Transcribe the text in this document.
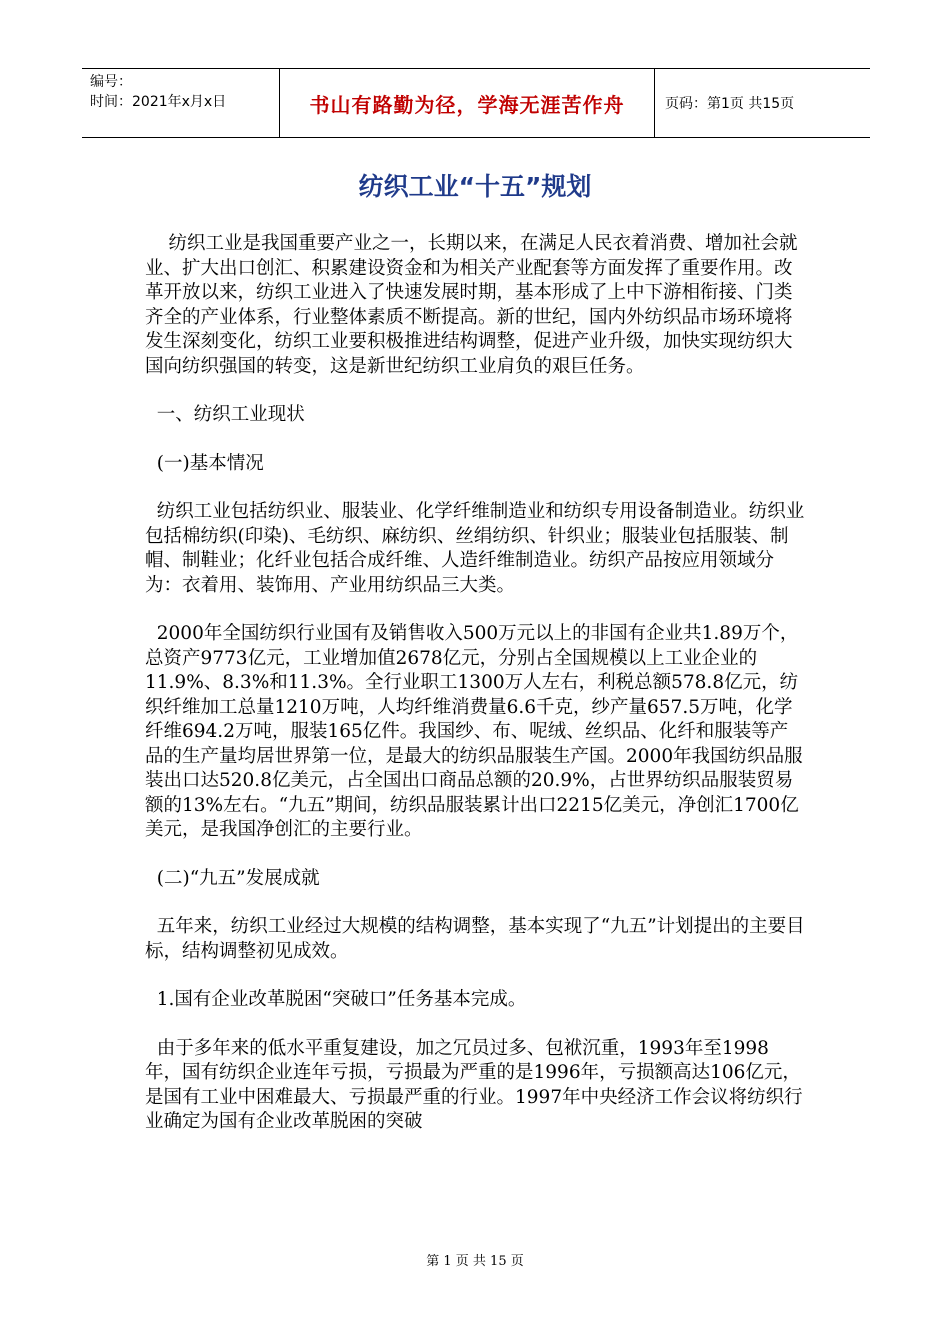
编号：
时间：2021年x月x日	书山有路勤为径，学海无涯苦作舟	页码：第1页 共15页
纺织工业“十五”规划

纺织工业是我国重要产业之一，长期以来，在满足人民衣着消费、增加社会就业、扩大出口创汇、积累建设资金和为相关产业配套等方面发挥了重要作用。改革开放以来，纺织工业进入了快速发展时期，基本形成了上中下游相衔接、门类齐全的产业体系，行业整体素质不断提高。新的世纪，国内外纺织品市场环境将发生深刻变化，纺织工业要积极推进结构调整，促进产业升级，加快实现纺织大国向纺织强国的转变，这是新世纪纺织工业肩负的艰巨任务。

一、纺织工业现状

(一)基本情况

纺织工业包括纺织业、服装业、化学纤维制造业和纺织专用设备制造业。纺织业包括棉纺织(印染)、毛纺织、麻纺织、丝绢纺织、针织业；服装业包括服装、制帽、制鞋业；化纤业包括合成纤维、人造纤维制造业。纺织产品按应用领域分为：衣着用、装饰用、产业用纺织品三大类。

2000年全国纺织行业国有及销售收入500万元以上的非国有企业共1.89万个，总资产9773亿元，工业增加值2678亿元，分别占全国规模以上工业企业的11.9%、8.3%和11.3%。全行业职工1300万人左右，利税总额578.8亿元，纺织纤维加工总量1210万吨，人均纤维消费量6.6千克，纱产量657.5万吨，化学纤维694.2万吨，服装165亿件。我国纱、布、呢绒、丝织品、化纤和服装等产品的生产量均居世界第一位，是最大的纺织品服装生产国。2000年我国纺织品服装出口达520.8亿美元，占全国出口商品总额的20.9%，占世界纺织品服装贸易额的13%左右。“九五”期间，纺织品服装累计出口2215亿美元，净创汇1700亿美元，是我国净创汇的主要行业。

(二)“九五”发展成就

五年来，纺织工业经过大规模的结构调整，基本实现了“九五”计划提出的主要目标，结构调整初见成效。

1.国有企业改革脱困“突破口”任务基本完成。

由于多年来的低水平重复建设，加之冗员过多、包袱沉重，1993年至1998年，国有纺织企业连年亏损，亏损最为严重的是1996年，亏损额高达106亿元，是国有工业中困难最大、亏损最严重的行业。1997年中央经济工作会议将纺织行业确定为国有企业改革脱困的突破

第 1 页 共 15 页
